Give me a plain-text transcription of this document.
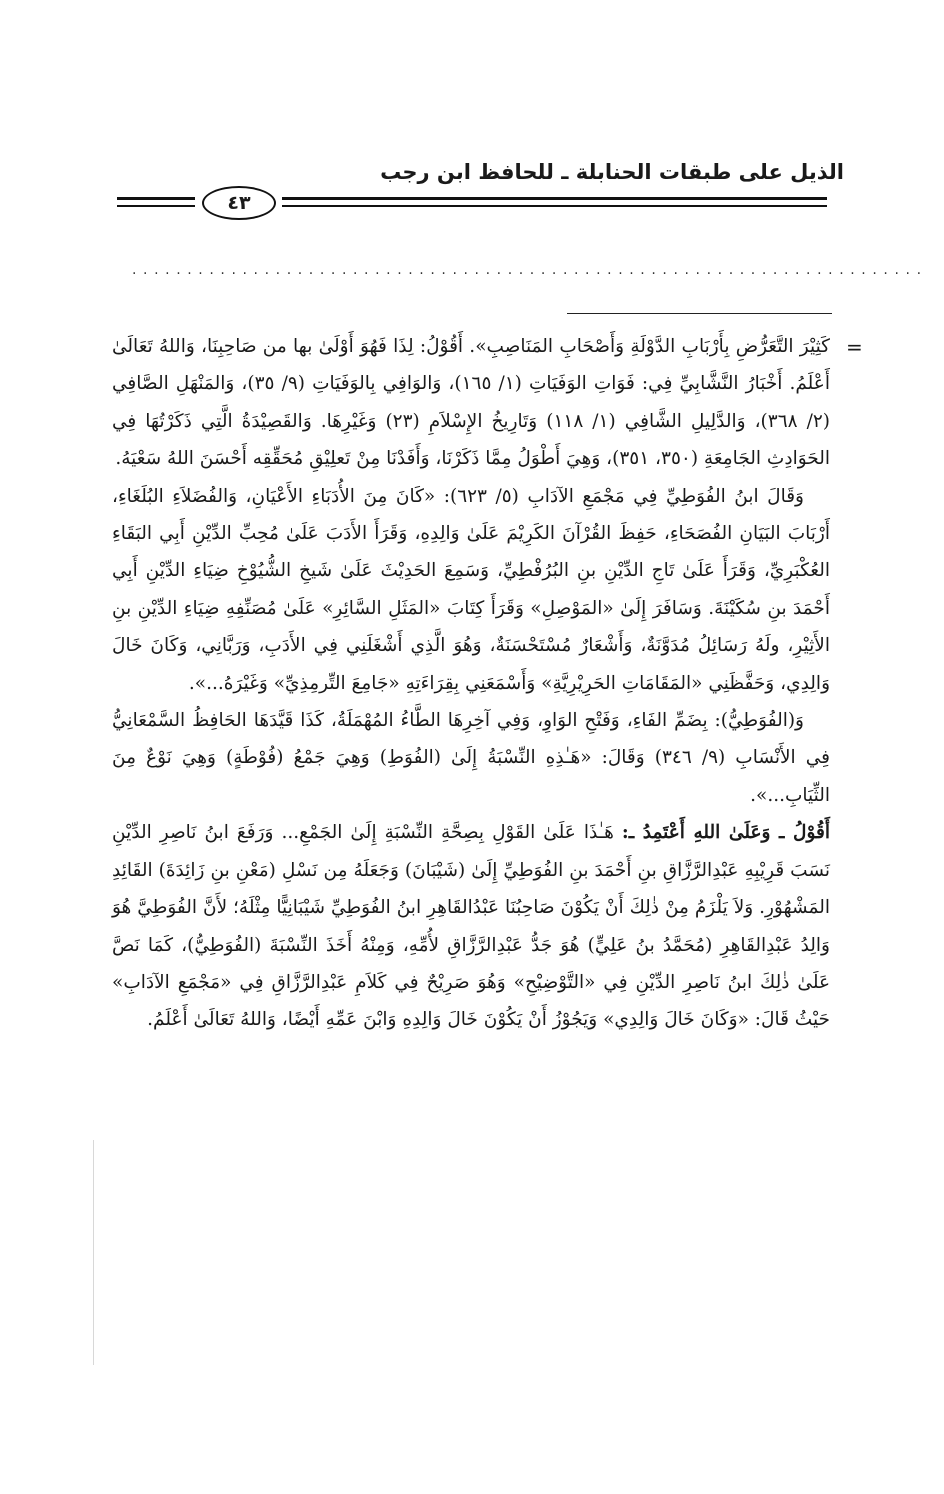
الذيل على طبقات الحنابلة ـ للحافظ ابن رجب
٤٣
........................................................................
=

كَثِيْرَ التَّعَرُّضِ بِأَرْبَابِ الدَّوْلَةِ وَأَصْحَابِ المَنَاصِبِ». أَقُوْلُ: لِذَا فَهُوَ أَوْلَىٰ بها من صَاحِبِنَا، وَاللهُ تَعَالَىٰ أَعْلَمُ. أَخْبَارُ النَّشَّابِيِّ فِي: فَوَاتِ الوَفَيَاتِ (١/ ١٦٥)، وَالوَافِي بِالوَفَيَاتِ (٩/ ٣٥)، وَالمَنْهَلِ الصَّافِي (٢/ ٣٦٨)، وَالدَّلِيلِ الشَّافِي (١/ ١١٨) وَتَارِيخُ الإِسْلاَمِ (٢٣) وَغَيْرِهَا. وَالقَصِيْدَةُ الَّتِي ذَكَرْتُهَا فِي الحَوَادِثِ الجَامِعَةِ (٣٥٠، ٣٥١)، وَهِيَ أَطْوَلُ مِمَّا ذَكَرْنَا، وَأَفَدْنَا مِنْ تَعلِيْقِ مُحَقِّقِه أَحْسَنَ اللهُ سَعْيَهُ.

وَقَالَ ابنُ الفُوَطِيِّ فِي مَجْمَعِ الآدَابِ (٥/ ٦٢٣): «كَانَ مِنَ الأُدَبَاءِ الأَعْيَانِ، وَالفُضَلاَءِ البُلَغَاءِ، أَرْبَابَ البَيَانِ الفُصَحَاءِ، حَفِظَ القُرْآنَ الكَرِيْمَ عَلَىٰ وَالِدِهِ، وَقَرَأَ الأَدَبَ عَلَىٰ مُحِبِّ الدِّيْنِ أَبِي البَقَاءِ العُكْبَرِيِّ، وَقَرَأَ عَلَىٰ تَاجِ الدِّيْنِ بنِ البُرُفْطِيِّ، وَسَمِعَ الحَدِيْثَ عَلَىٰ شَيخِ الشُّيُوْخِ ضِيَاءِ الدِّيْنِ أَبِي أَحْمَدَ بنِ سُكَيْنَةَ. وَسَافَرَ إِلَىٰ «المَوْصِلِ» وَقَرَأَ كِتَابَ «المَثَلِ السَّائِرِ» عَلَىٰ مُصَنِّفِهِ ضِيَاءِ الدِّيْنِ بنِ الأَثِيْرِ، ولَهُ رَسَائِلُ مُدَوَّنَةٌ، وَأَشْعَارٌ مُسْتَحْسَنَةٌ، وَهُوَ الَّذِي أَشْغَلَنِي فِي الأَدَبِ، وَرَبَّانِي، وَكَانَ خَالَ وَالِدِي، وَحَفَّظَنِي «المَقَامَاتِ الحَرِيْرِيَّةِ» وَأَسْمَعَنِي بِقِرَاءَتِهِ «جَامِعَ التِّرمِذِيِّ» وَغَيْرَهُ...».

وَ(الفُوَطِيُّ): بِضَمِّ الفَاءِ، وَفَتْحِ الوَاوِ، وَفِي آخِرِهَا الطَّاءُ المُهْمَلَةُ، كَذَا قَيَّدَهَا الحَافِظُ السَّمْعَانِيُّ فِي الأَنْسَابِ (٩/ ٣٤٦) وَقَالَ: «هَـٰذِهِ النِّسْبَةُ إِلَىٰ (الفُوَطِ) وَهِيَ جَمْعُ (فُوْطَةٍ) وَهِيَ نَوْعٌ مِنَ الثِّيَابِ...».

أَقُوْلُ ـ وَعَلَىٰ اللهِ أَعْتَمِدُ ـ: هَـٰذَا عَلَىٰ القَوْلِ بِصِحَّةِ النِّسْبَةِ إِلَىٰ الجَمْعِ... وَرَفَعَ ابنُ نَاصِرِ الدِّيْنِ نَسَبَ قَرِيْبِهِ عَبْدِالرَّزَّاقِ بنِ أَحْمَدَ بنِ الفُوَطِيِّ إِلَىٰ (شَيْبَانَ) وَجَعَلَهُ مِن نَسْلِ (مَعْنِ بنِ زَائِدَةَ) القَائِدِ المَشْهُوْرِ. وَلاَ يَلْزَمُ مِنْ ذٰلِكَ أَنْ يَكُوْنَ صَاحِبُنَا عَبْدُالقَاهِرِ ابنُ الفُوَطِيِّ شَيْبَانِيًّا مِثْلَهُ؛ لأَنَّ الفُوَطِيَّ هُوَ وَالِدُ عَبْدِالقَاهِرِ (مُحَمَّدُ بنُ عَلِيٍّ) هُوَ جَدُّ عَبْدِالرَّزَّاقِ لأُمِّهِ، وَمِنْهُ أَخَذَ النِّسْبَةَ (الفُوَطِيُّ)، كَمَا نَصَّ عَلَىٰ ذٰلِكَ ابنُ نَاصِرِ الدِّيْنِ فِي «التَّوْضِيْحِ» وَهُوَ صَرِيْحٌ فِي كَلاَمِ عَبْدِالرَّزَّاقِ فِي «مَجْمَعِ الآدَابِ» حَيْثُ قَالَ: «وَكَانَ خَالَ وَالِدِي» وَيَجُوْزُ أَنْ يَكُوْنَ خَالَ وَالِدِهِ وَابْنَ عَمِّهِ أَيْضًا، وَاللهُ تَعَالَىٰ أَعْلَمُ.
